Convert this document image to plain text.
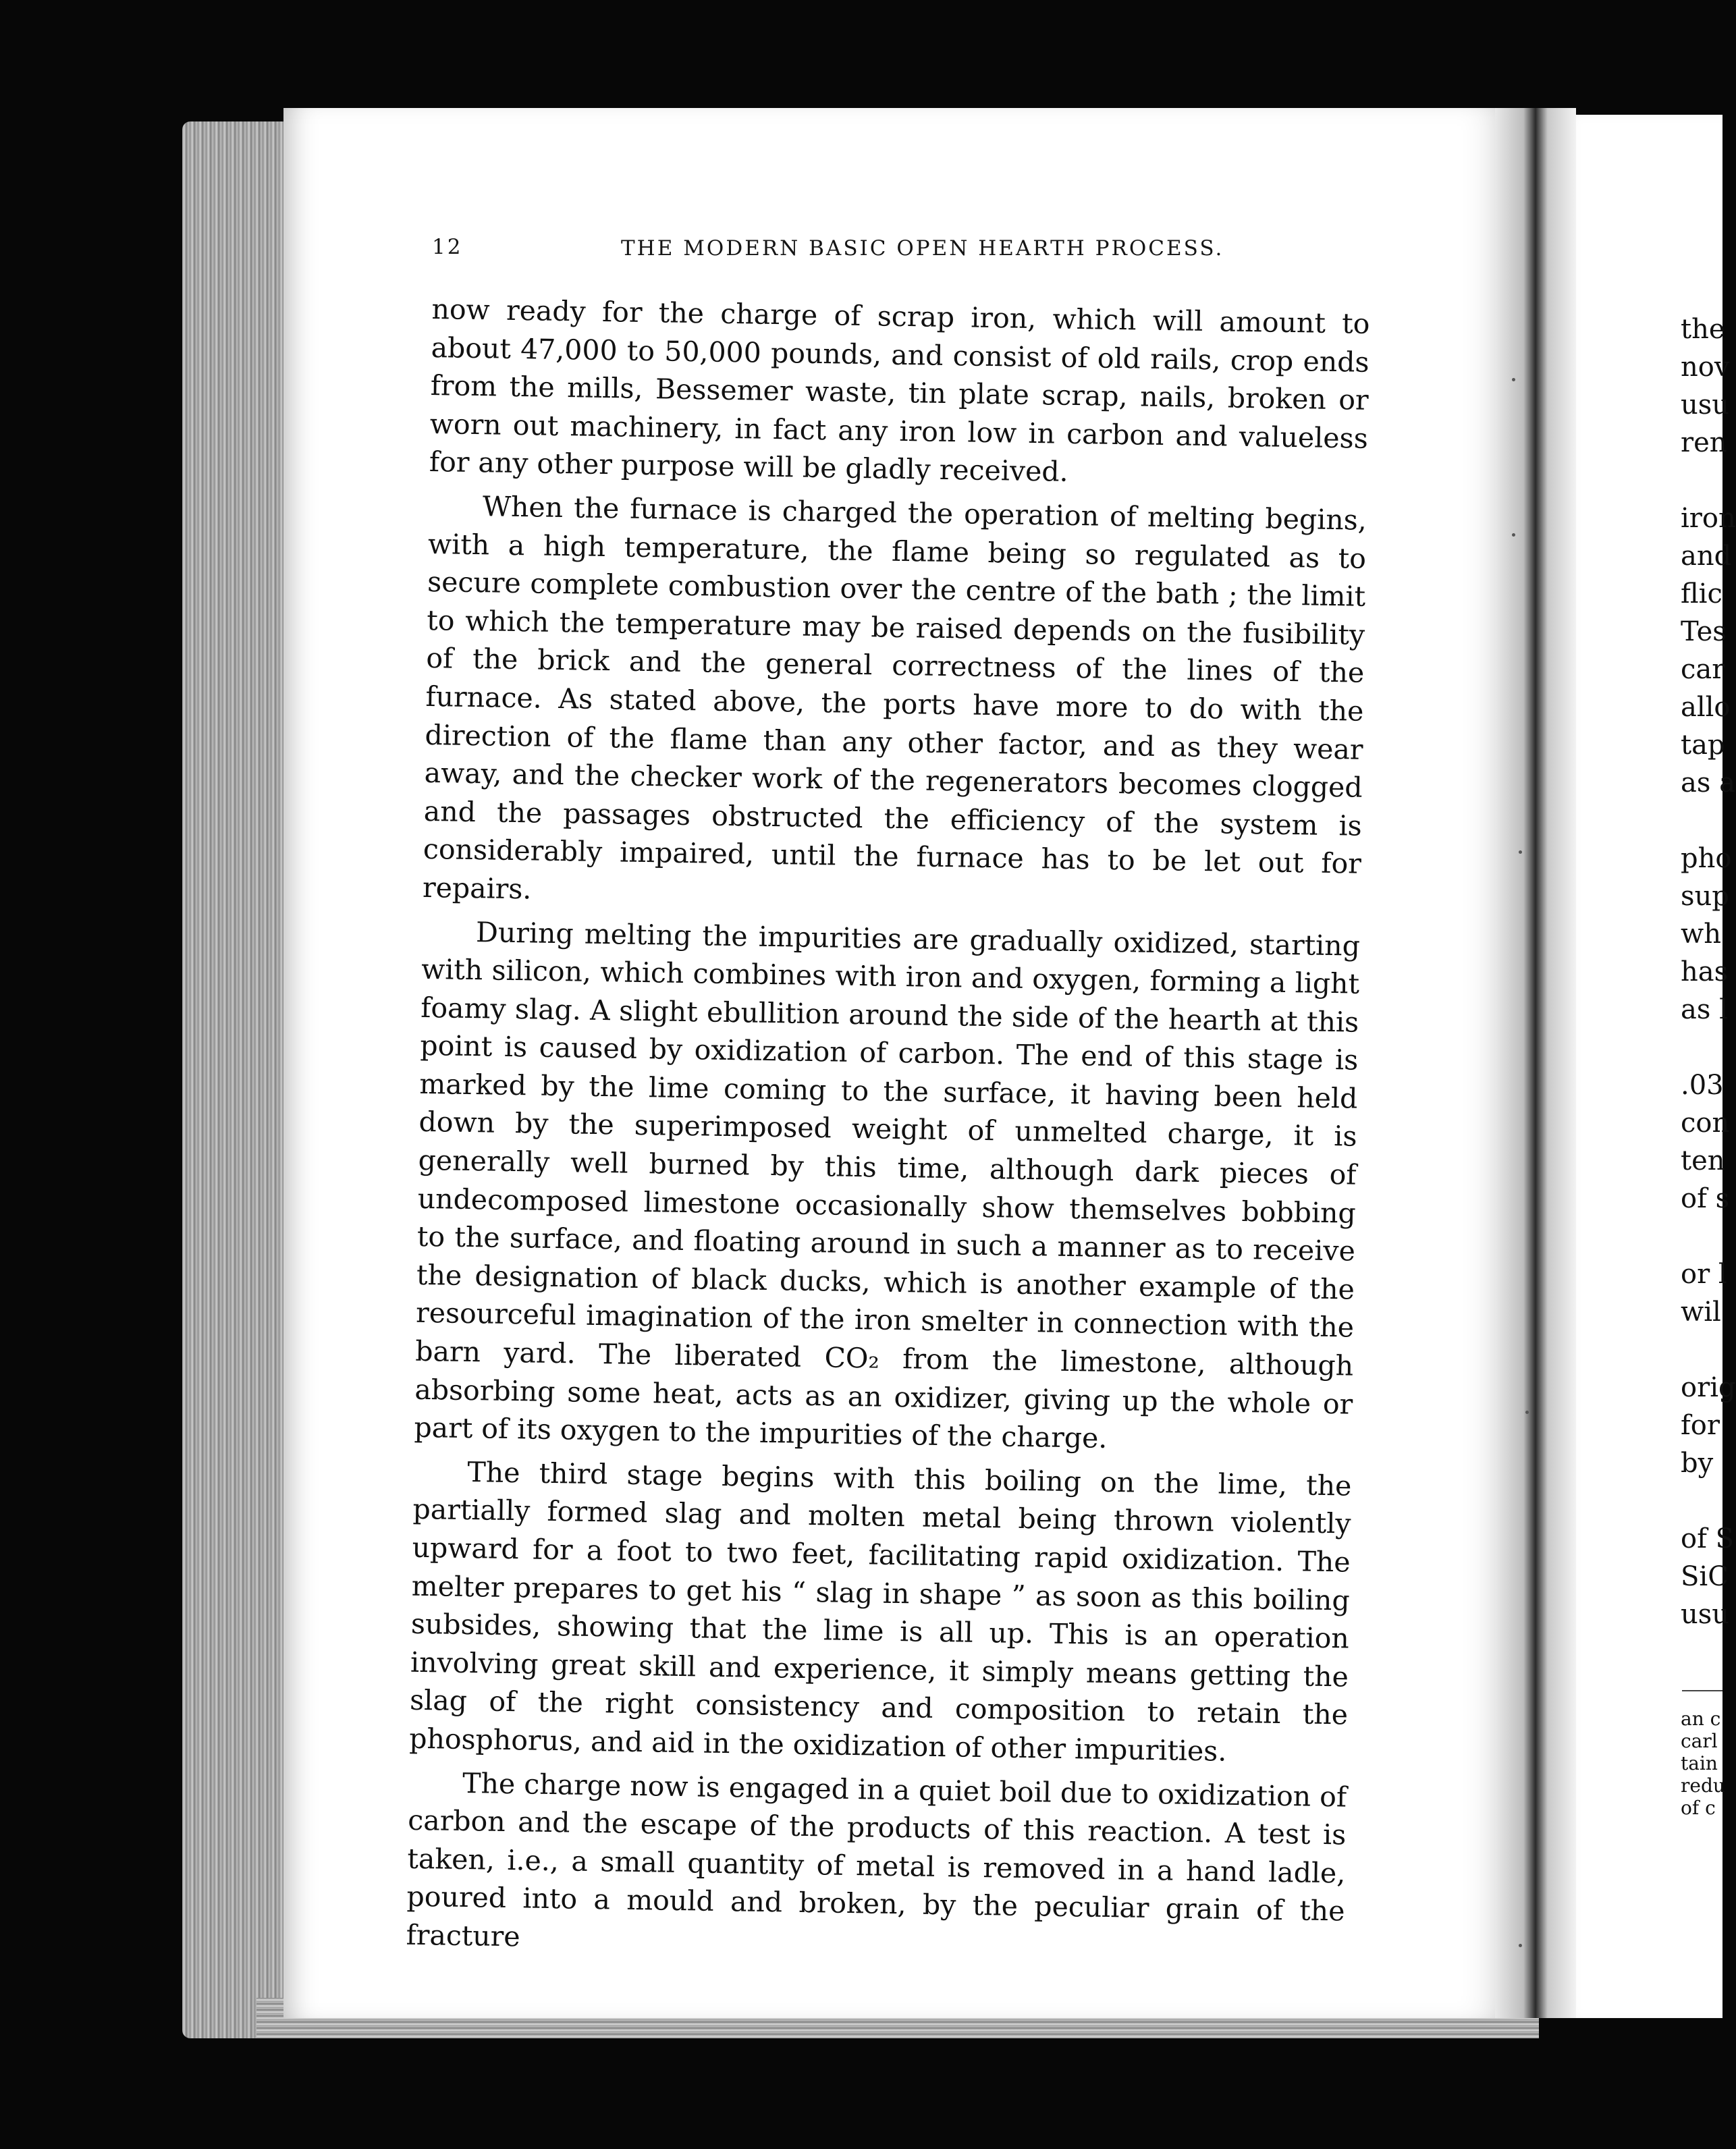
12	THE MODERN BASIC OPEN HEARTH PROCESS.

now ready for the charge of scrap iron, which will amount to about 47,000 to 50,000 pounds, and consist of old rails, crop ends from the mills, Bessemer waste, tin plate scrap, nails, broken or worn out machinery, in fact any iron low in carbon and valueless for any other purpose will be gladly received.

When the furnace is charged the operation of melting begins, with a high temperature, the flame being so regulated as to secure complete combustion over the centre of the bath ; the limit to which the temperature may be raised depends on the fusibility of the brick and the general correctness of the lines of the furnace. As stated above, the ports have more to do with the direction of the flame than any other factor, and as they wear away, and the checker work of the regenerators becomes clogged and the passages obstructed the efficiency of the system is considerably impaired, until the furnace has to be let out for repairs.

During melting the impurities are gradually oxidized, starting with silicon, which combines with iron and oxygen, forming a light foamy slag. A slight ebullition around the side of the hearth at this point is caused by oxidization of carbon. The end of this stage is marked by the lime coming to the surface, it having been held down by the superimposed weight of unmelted charge, it is generally well burned by this time, although dark pieces of undecomposed limestone occasionally show themselves bobbing to the surface, and floating around in such a manner as to receive the designation of black ducks, which is another example of the resourceful imagination of the iron smelter in connection with the barn yard. The liberated CO₂ from the limestone, although absorbing some heat, acts as an oxidizer, giving up the whole or part of its oxygen to the impurities of the charge.

The third stage begins with this boiling on the lime, the partially formed slag and molten metal being thrown violently upward for a foot to two feet, facilitating rapid oxidization. The melter prepares to get his “ slag in shape ” as soon as this boiling subsides, showing that the lime is all up. This is an operation involving great skill and experience, it simply means getting the slag of the right consistency and composition to retain the phosphorus, and aid in the oxidization of other impurities.

The charge now is engaged in a quiet boil due to oxidization of carbon and the escape of the products of this reaction. A test is taken, i.e., a small quantity of metal is removed in a hand ladle, poured into a mould and broken, by the peculiar grain of the fracture

the
nov
usu
ren
iron
and
flic
Tes
car
allo
tap
as a
pho
sup
wh
has
as l
.03
con
ten
of s
or l
wil
orig
for
by
of S
SiC
usu
an c
carl
tain
redu
of c
